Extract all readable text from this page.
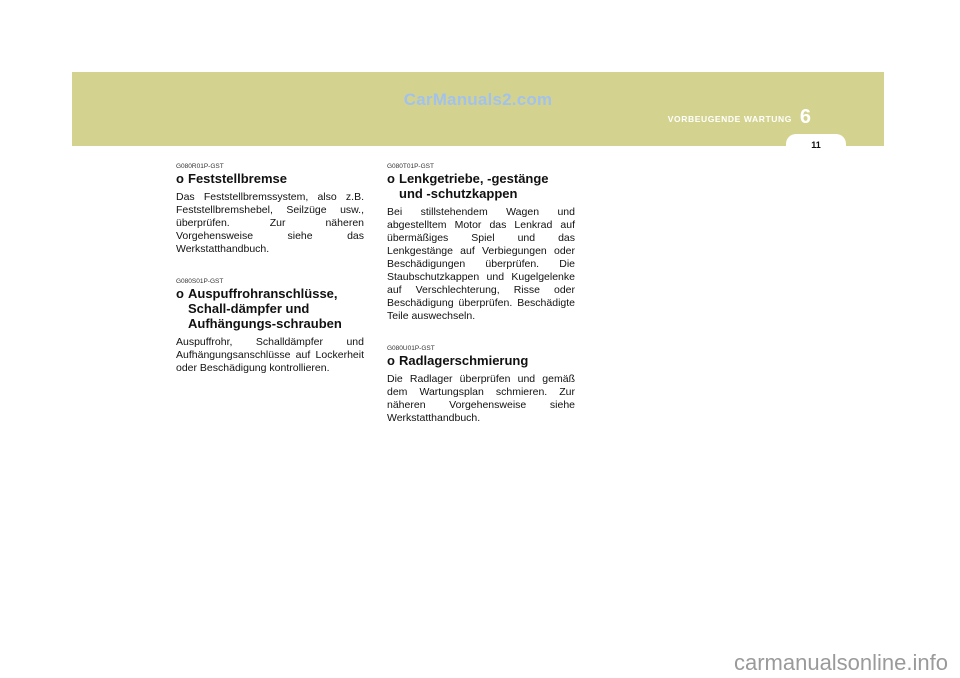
CarManuals2.com
VORBEUGENDE WARTUNG 6
11
G080R01P-GST
o Feststellbremse
Das Feststellbremssystem, also z.B. Feststellbremshebel, Seilzüge usw., überprüfen. Zur näheren Vorgehensweise siehe das Werkstatthandbuch.
G080S01P-GST
o Auspuffrohranschlüsse, Schall-dämpfer und Aufhängungs-schrauben
Auspuffrohr, Schalldämpfer und Aufhängungsanschlüsse auf Lockerheit oder Beschädigung kontrollieren.
G080T01P-GST
o Lenkgetriebe, -gestänge und -schutzkappen
Bei stillstehendem Wagen und abgestelltem Motor das Lenkrad auf übermäßiges Spiel und das Lenkgestänge auf Verbiegungen oder Beschädigungen überprüfen. Die Staubschutzkappen und Kugelgelenke auf Verschlechterung, Risse oder Beschädigung überprüfen. Beschädigte Teile auswechseln.
G080U01P-GST
o Radlagerschmierung
Die Radlager überprüfen und gemäß dem Wartungsplan schmieren. Zur näheren Vorgehensweise siehe Werkstatthandbuch.
carmanualsonline.info
